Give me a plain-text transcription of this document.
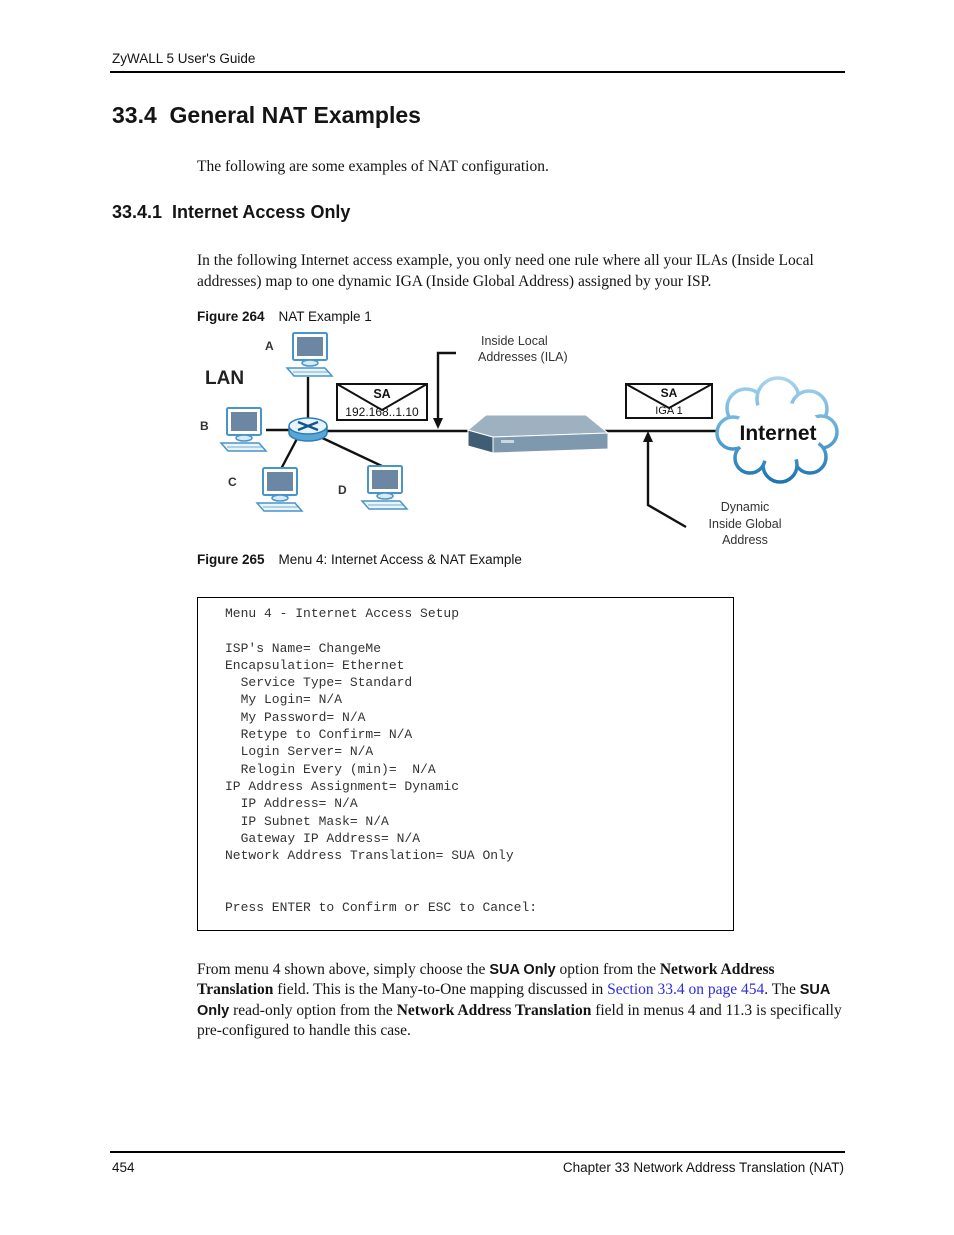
ZyWALL 5 User's Guide
33.4  General NAT Examples
The following are some examples of NAT configuration.
33.4.1  Internet Access Only
In the following Internet access example, you only need one rule where all your ILAs (Inside Local addresses) map to one dynamic IGA (Inside Global Address) assigned by your ISP.
Figure 264 NAT Example 1
LAN
A
B
C
D
SA
192.168..1.10
Inside Local
Addresses (ILA)
SA
IGA 1
Internet
Dynamic
Inside Global
Address
Figure 265 Menu 4: Internet Access & NAT Example
Menu 4 - Internet Access Setup
ISP's Name= ChangeMe
Encapsulation= Ethernet
Service Type= Standard
My Login= N/A
My Password= N/A
Retype to Confirm= N/A
Login Server= N/A
Relogin Every (min)=  N/A
IP Address Assignment= Dynamic
IP Address= N/A
IP Subnet Mask= N/A
Gateway IP Address= N/A
Network Address Translation= SUA Only
Press ENTER to Confirm or ESC to Cancel:
From menu 4 shown above, simply choose the SUA Only option from the Network Address Translation field. This is the Many-to-One mapping discussed in Section 33.4 on page 454. The SUA Only read-only option from the Network Address Translation field in menus 4 and 11.3 is specifically pre-configured to handle this case.
454	Chapter 33 Network Address Translation (NAT)
